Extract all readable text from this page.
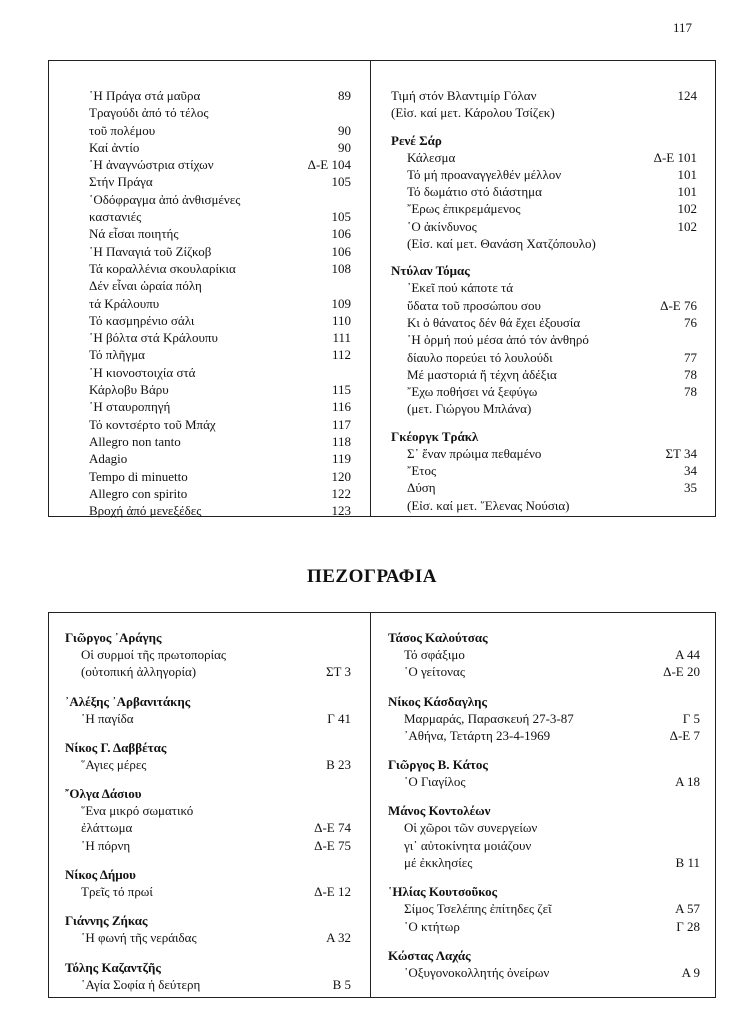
117
῾Η Πράγα στά μαῦρα	89
Τραγούδι ἀπό τό τέλος
τοῦ πολέμου	90
Καί ἀντίο	90
῾Η ἀναγνώστρια στίχων	Δ-Ε 104
Στήν Πράγα	105
῾Οδόφραγμα ἀπό ἀνθισμένες
καστανιές	105
Νά εἶσαι ποιητής	106
῾Η Παναγιά τοῦ Ζίζκοβ	106
Τά κοραλλένια σκουλαρίκια	108
Δέν εἶναι ὡραία πόλη
τά Κράλουπυ	109
Τό κασμηρένιο σάλι	110
῾Η βόλτα στά Κράλουπυ	111
Τό πλῆγμα	112
῾Η κιονοστοιχία στά
Κάρλοβυ Βάρυ	115
῾Η σταυροπηγή	116
Τό κοντσέρτο τοῦ Μπάχ	117
Allegro non tanto	118
Adagio	119
Tempo di minuetto	120
Allegro con spirito	122
Βροχή ἀπό μενεξέδες	123
Τιμή στόν Βλαντιμίρ Γόλαν	124
(Εἰσ. καί μετ. Κάρολου Τσίζεκ)
Ρενέ Σάρ
Κάλεσμα	Δ-Ε 101
Τό μή προαναγγελθέν μέλλον	101
Τό δωμάτιο στό διάστημα	101
῎Ερως ἐπικρεμάμενος	102
῾Ο ἀκίνδυνος	102
(Εἰσ. καί μετ. Θανάση Χατζόπουλο)
Ντύλαν Τόμας
᾿Εκεῖ πού κάποτε τά
ὕδατα τοῦ προσώπου σου	Δ-Ε 76
Κι ὁ θάνατος δέν θά ἔχει ἐξουσία	76
῾Η ὁρμή πού μέσα ἀπό τόν ἀνθηρό
δίαυλο πορεύει τό λουλούδι	77
Μέ μαστοριά ἤ τέχνη ἀδέξια	78
῎Εχω ποθήσει νά ξεφύγω	78
(μετ. Γιώργου Μπλάνα)
Γκέοργκ Τράκλ
Σ᾿ ἕναν πρώιμα πεθαμένο	ΣΤ 34
῎Ετος	34
Δύση	35
(Εἰσ. καί μετ. ῞Ελενας Νούσια)
ΠΕΖΟΓΡΑΦΙΑ
Γιῶργος ᾿Αράγης
Οἱ συρμοί τῆς πρωτοπορίας
(οὐτοπική ἀλληγορία)	ΣΤ 3
᾿Αλέξης ᾿Αρβανιτάκης
῾Η παγίδα	Γ 41
Νίκος Γ. Δαββέτας
῞Αγιες μέρες	Β 23
῎Ολγα Δάσιου
῞Ενα μικρό σωματικό
ἐλάττωμα	Δ-Ε 74
῾Η πόρνη	Δ-Ε 75
Νίκος Δήμου
Τρεῖς τό πρωί	Δ-Ε 12
Γιάννης Ζήκας
῾Η φωνή τῆς νεράιδας	Α 32
Τόλης Καζαντζῆς
῾Αγία Σοφία ἡ δεύτερη	Β 5
Τάσος Καλούτσας
Τό σφάξιμο	Α 44
῾Ο γείτονας	Δ-Ε 20
Νίκος Κάσδαγλης
Μαρμαράς, Παρασκευή 27-3-87	Γ 5
᾿Αθήνα, Τετάρτη 23-4-1969	Δ-Ε 7
Γιῶργος Β. Κάτος
῾Ο Γιαγίλος	Α 18
Μάνος Κοντολέων
Οἱ χῶροι τῶν συνεργείων
γι᾿ αὐτοκίνητα μοιάζουν
μέ ἐκκλησίες	Β 11
῾Ηλίας Κουτσοῦκος
Σίμος Τσελέπης ἐπίτηδες ζεῖ	Α 57
῾Ο κτήτωρ	Γ 28
Κώστας Λαχάς
᾿Οξυγονοκολλητής ὀνείρων	Α 9
